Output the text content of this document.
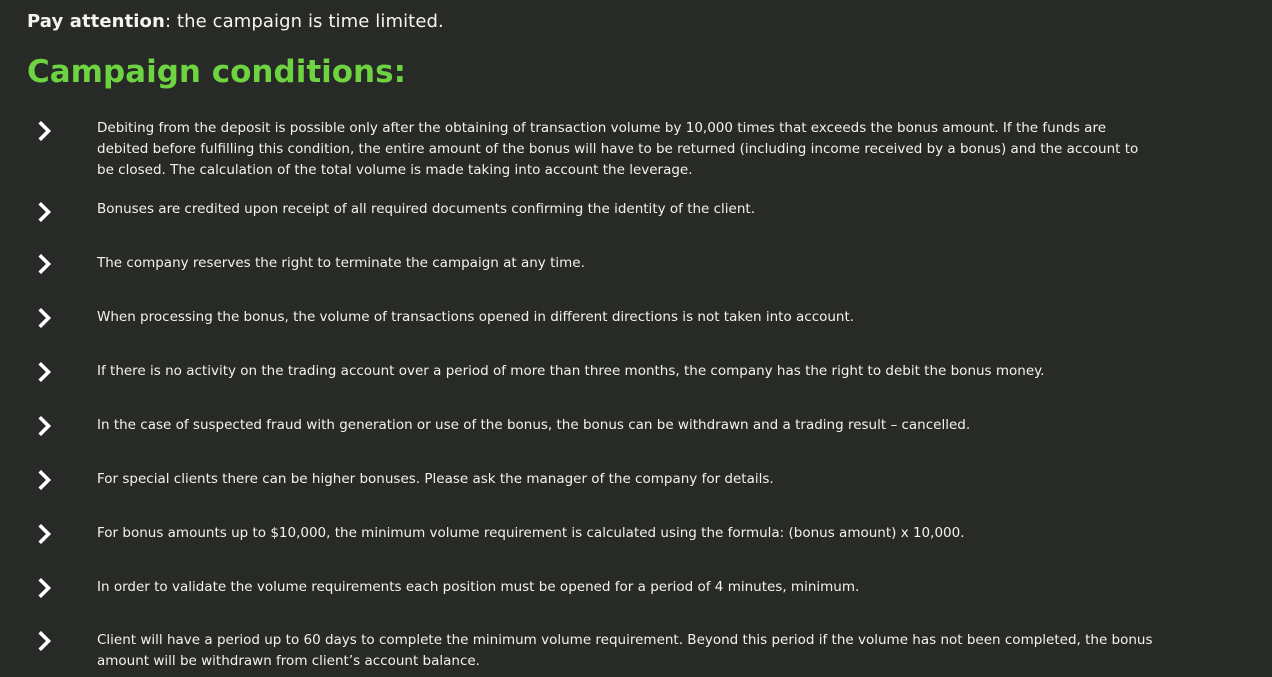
Pay attention: the campaign is time limited.
Campaign conditions:
Debiting from the deposit is possible only after the obtaining of transaction volume by 10,000 times that exceeds the bonus amount. If the funds are debited before fulfilling this condition, the entire amount of the bonus will have to be returned (including income received by a bonus) and the account to be closed. The calculation of the total volume is made taking into account the leverage.
Bonuses are credited upon receipt of all required documents confirming the identity of the client.
The company reserves the right to terminate the campaign at any time.
When processing the bonus, the volume of transactions opened in different directions is not taken into account.
If there is no activity on the trading account over a period of more than three months, the company has the right to debit the bonus money.
In the case of suspected fraud with generation or use of the bonus, the bonus can be withdrawn and a trading result – cancelled.
For special clients there can be higher bonuses. Please ask the manager of the company for details.
For bonus amounts up to $10,000, the minimum volume requirement is calculated using the formula: (bonus amount) x 10,000.
In order to validate the volume requirements each position must be opened for a period of 4 minutes, minimum.
Client will have a period up to 60 days to complete the minimum volume requirement. Beyond this period if the volume has not been completed, the bonus amount will be withdrawn from client’s account balance.
